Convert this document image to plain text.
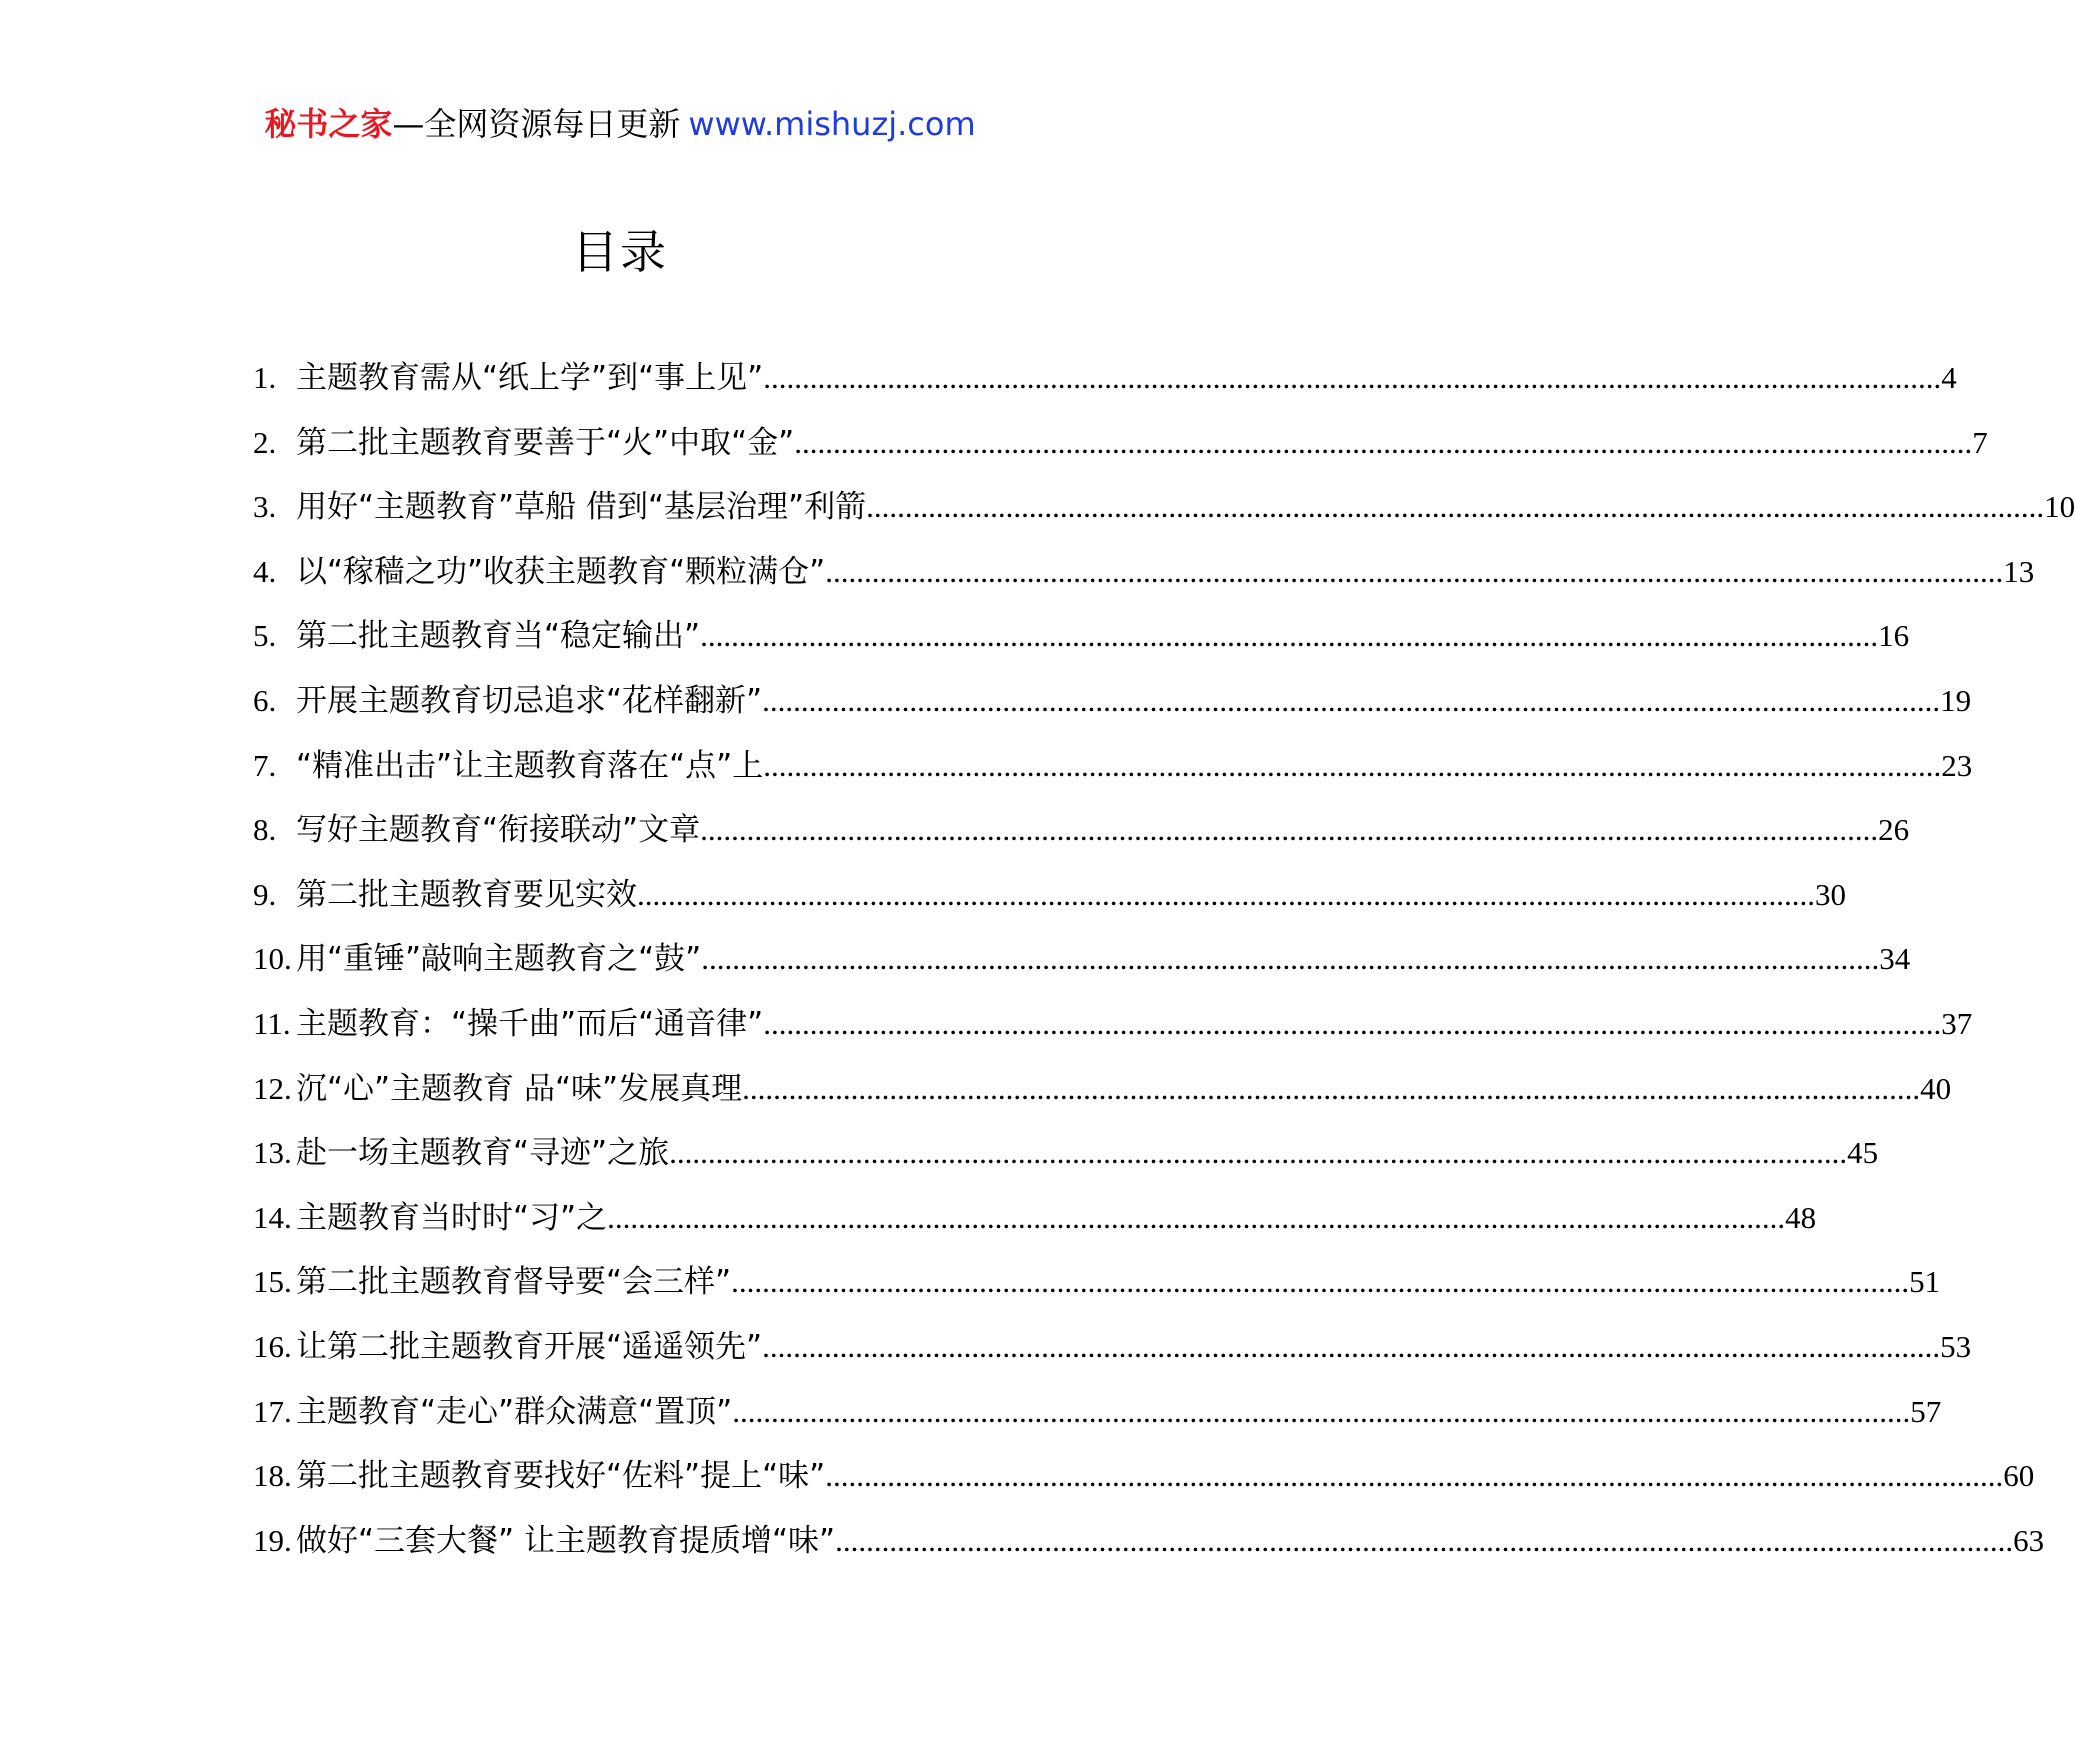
秘书之家—全网资源每日更新 www.mishuzj.com
目录
1. 主题教育需从“纸上学”到“事上见” .....	4
2. 第二批主题教育要善于“火”中取“金” .....	7
3. 用好“主题教育”草船 借到“基层治理”利箭 .....	10
4. 以“稼穑之功”收获主题教育“颗粒满仓” .....	13
5. 第二批主题教育当“稳定输出” .....	16
6. 开展主题教育切忌追求“花样翻新” .....	19
7. “精准出击”让主题教育落在“点”上 .....	23
8. 写好主题教育“衔接联动”文章 .....	26
9. 第二批主题教育要见实效 .....	30
10. 用“重锤”敲响主题教育之“鼓” .....	34
11. 主题教育：“操千曲”而后“通音律” .....	37
12. 沉“心”主题教育 品“味”发展真理 .....	40
13. 赴一场主题教育“寻迹”之旅 .....	45
14. 主题教育当时时“习”之 .....	48
15. 第二批主题教育督导要“会三样” .....	51
16. 让第二批主题教育开展“遥遥领先” .....	53
17. 主题教育“走心”群众满意“置顶” .....	57
18. 第二批主题教育要找好“佐料”提上“味” .....	60
19. 做好“三套大餐” 让主题教育提质增“味” .....	63
